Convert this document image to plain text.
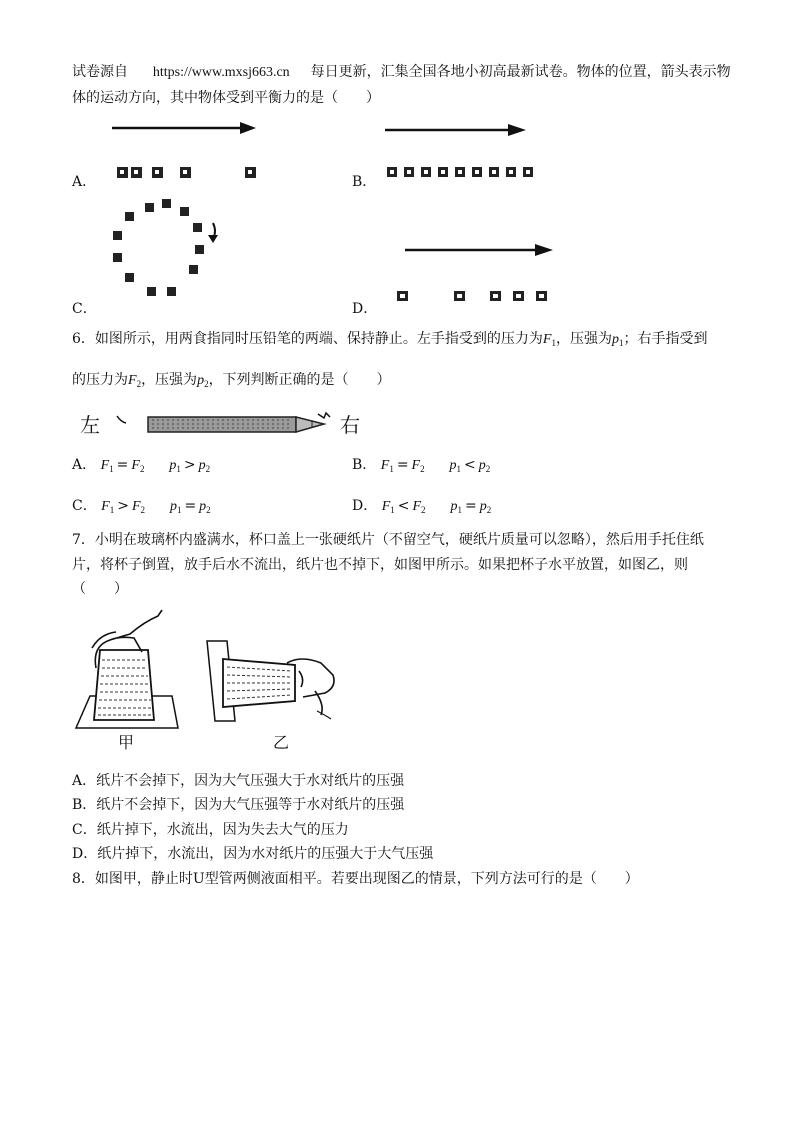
试卷源自 https://www.mxsj663.cn 每日更新，汇集全国各地小初高最新试卷。物体的位置，箭头表示物
体的运动方向，其中物体受到平衡力的是（　　）
A．	B．
C．	D．
6．如图所示，用两食指同时压铅笔的两端、保持静止。左手指受到的压力为$F_1$，压强为$p_1$；右手指受到
的压力为$F_2$，压强为$p_2$，下列判断正确的是（　　）
左	右
A． $F_1 = F_2$ $p_1 > p_2$	B． $F_1 = F_2$ $p_1 < p_2$
C． $F_1 > F_2$ $p_1 = p_2$	D． $F_1 < F_2$ $p_1 = p_2$
7．小明在玻璃杯内盛满水，杯口盖上一张硬纸片（不留空气，硬纸片质量可以忽略），然后用手托住纸
片，将杯子倒置，放手后水不流出，纸片也不掉下，如图甲所示。如果把杯子水平放置，如图乙，则
（　　）
甲	乙
A．纸片不会掉下，因为大气压强大于水对纸片的压强
B．纸片不会掉下，因为大气压强等于水对纸片的压强
C．纸片掉下，水流出，因为失去大气的压力
D．纸片掉下，水流出，因为水对纸片的压强大于大气压强
8．如图甲，静止时U型管两侧液面相平。若要出现图乙的情景，下列方法可行的是（　　）
